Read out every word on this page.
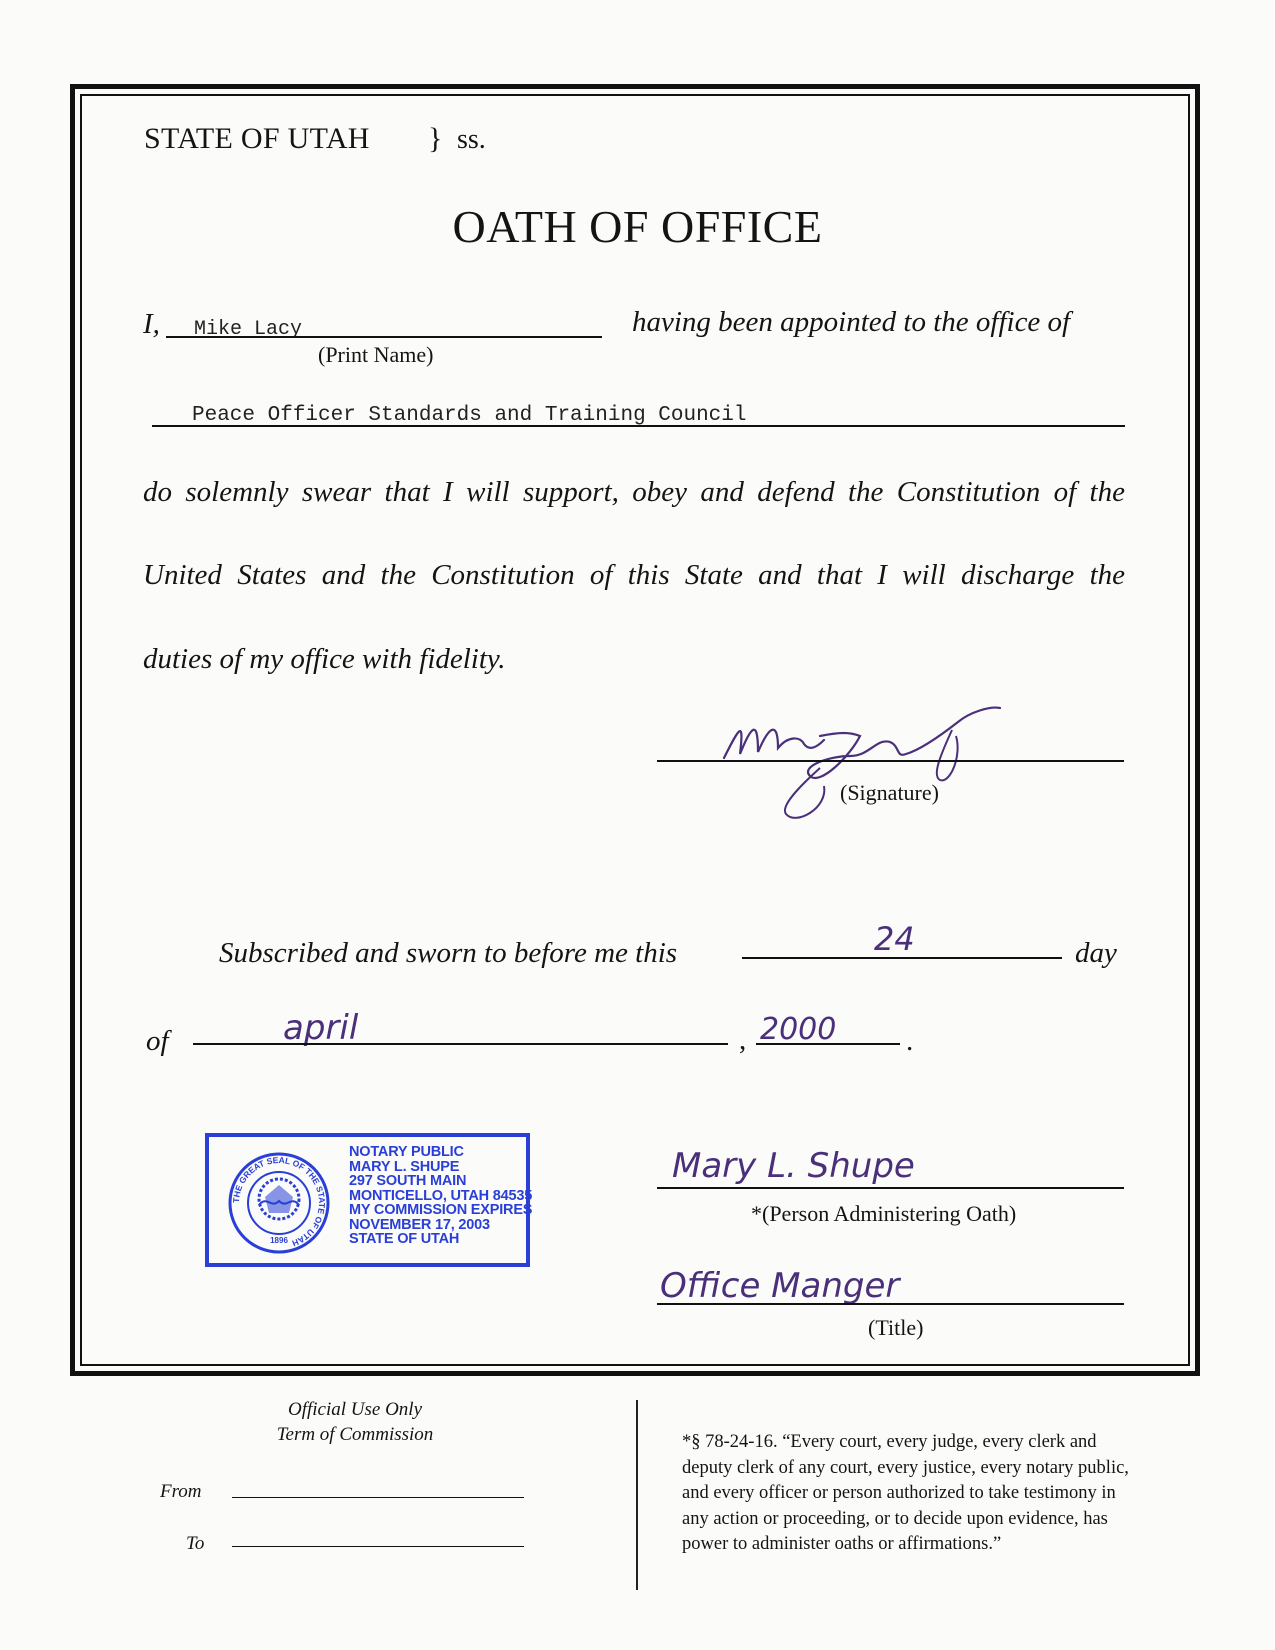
STATE OF UTAH } ss.
OATH OF OFFICE
I, Mike Lacy
(Print Name)
having been appointed to the office of
Peace Officer Standards and Training Council
do solemnly swear that I will support, obey and defend the Constitution of the
United States and the Constitution of this State and that I will discharge the
duties of my office with fidelity.
(Signature)
Subscribed and sworn to before me this	24	day
of	april	, 2000 .
THE GREAT SEAL OF THE STATE OF UTAH
1896
NOTARY PUBLIC
MARY L. SHUPE
297 SOUTH MAIN
MONTICELLO, UTAH 84535
MY COMMISSION EXPIRES
NOVEMBER 17, 2003
STATE OF UTAH
Mary L. Shupe
*(Person Administering Oath)
Office Manger
(Title)
Official Use Only
Term of Commission
From
To
*§ 78-24-16. “Every court, every judge, every clerk and
deputy clerk of any court, every justice, every notary public,
and every officer or person authorized to take testimony in
any action or proceeding, or to decide upon evidence, has
power to administer oaths or affirmations.”
